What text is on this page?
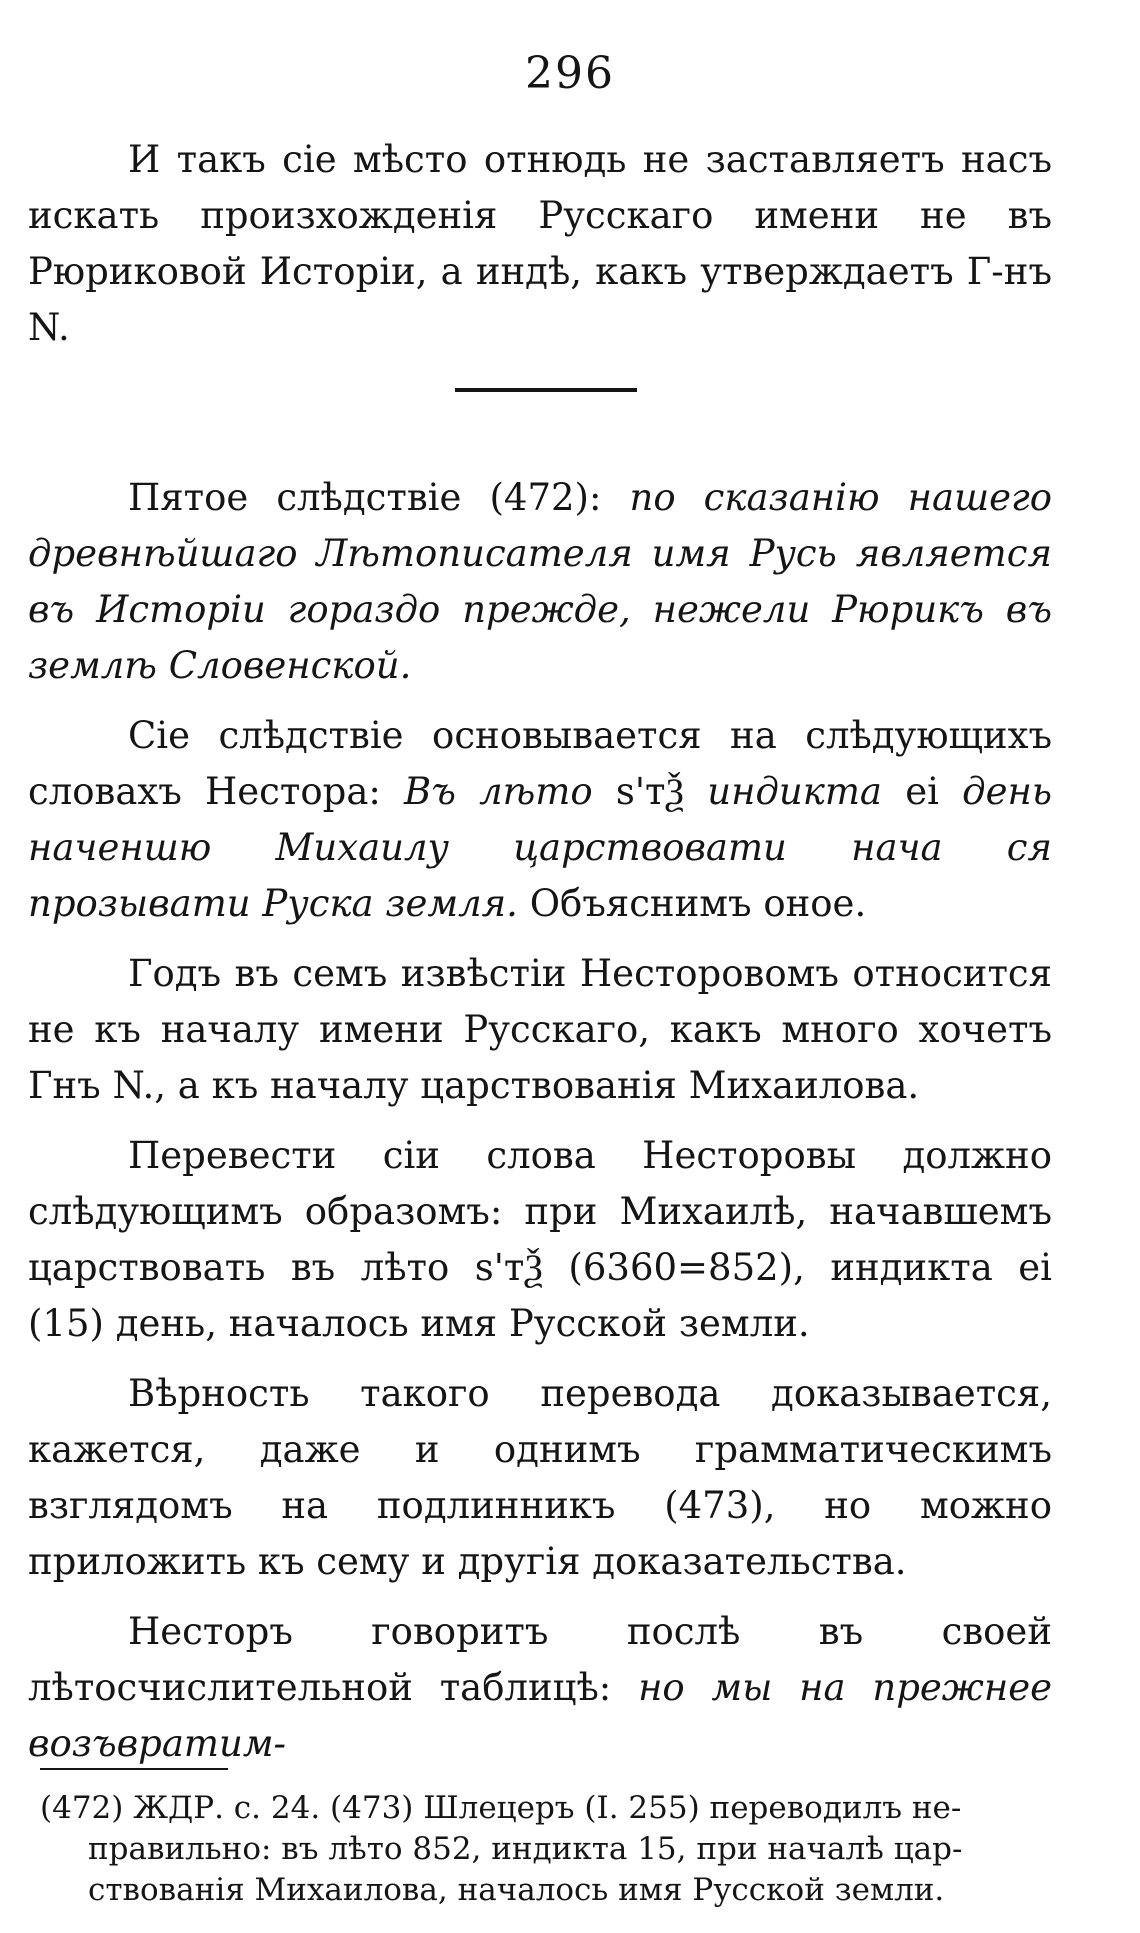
296

И такъ сіе мѣсто отнюдь не заставляетъ насъ искать произхожденія Русскаго имени не въ Рюриковой Исторіи, а индѣ, какъ утверждаетъ Г-нъ N.

Пятое слѣдствіе (472): по сказанію нашего древнѣйшаго Лѣтописателя имя Русь является въ Исторіи гораздо прежде, нежели Рюрикъ въ землѣ Словенской.

Сіе слѣдствіе основывается на слѣдующихъ словахъ Нестора: Въ лѣто s'тѮ индикта еі день наченшю Михаилу царствовати нача ся прозывати Руска земля. Объяснимъ оное.

Годъ въ семъ извѣстіи Несторовомъ относится не къ началу имени Русскаго, какъ много хочетъ Гнъ N., а къ началу царствованія Михаилова.

Перевести сіи слова Несторовы должно слѣдующимъ образомъ: при Михаилѣ, начавшемъ царствовать въ лѣто s'тѮ (6360=852), индикта еі (15) день, началось имя Русской земли.

Вѣрность такого перевода доказывается, кажется, даже и однимъ грамматическимъ взглядомъ на подлинникъ (473), но можно приложить къ сему и другія доказательства.

Несторъ говоритъ послѣ въ своей лѣтосчислительной таблицѣ: но мы на прежнее возъвратим-

(472) ЖДР. с. 24. (473) Шлецеръ (I. 255) переводилъ не-
правильно: въ лѣто 852, индикта 15, при началѣ цар-
ствованія Михаилова, началось имя Русской земли.
